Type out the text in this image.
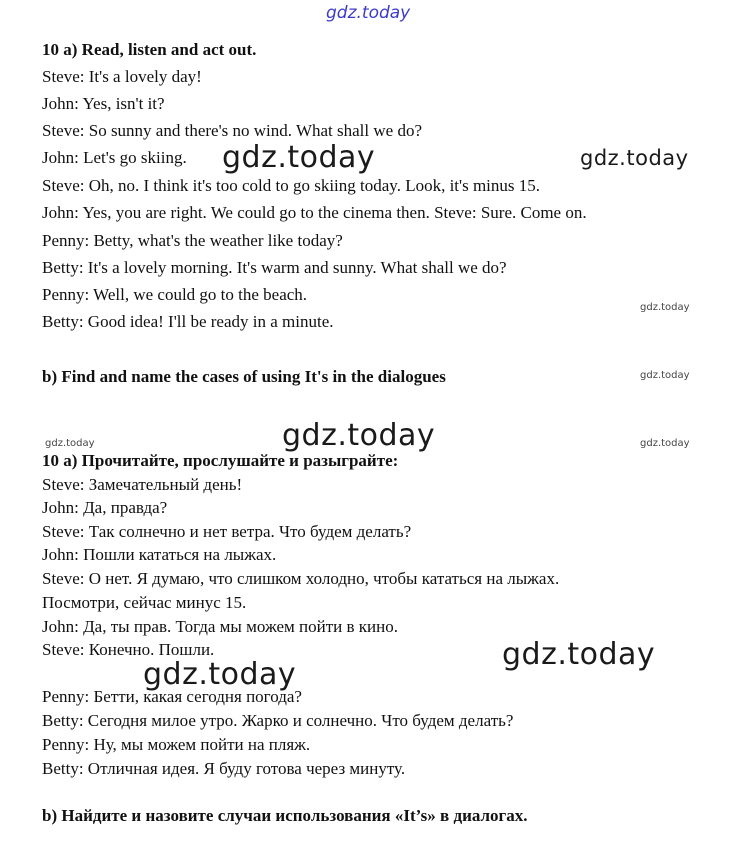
gdz.today
gdz.today	gdz.today
gdz.today
gdz.today
gdz.today	gdz.today	gdz.today
gdz.today
gdz.today
10 a) Read, listen and act out.
Steve: It's a lovely day!
John: Yes, isn't it?
Steve: So sunny and there's no wind. What shall we do?
John: Let's go skiing.
Steve: Oh, no. I think it's too cold to go skiing today. Look, it's minus 15.
John: Yes, you are right. We could go to the cinema then. Steve: Sure. Come on.
Penny: Betty, what's the weather like today?
Betty: It's a lovely morning. It's warm and sunny. What shall we do?
Penny: Well, we could go to the beach.
Betty: Good idea! I'll be ready in a minute.
b) Find and name the cases of using It's in the dialogues
10 а) Прочитайте, прослушайте и разыграйте:
Steve: Замечательный день!
John: Да, правда?
Steve: Так солнечно и нет ветра. Что будем делать?
John: Пошли кататься на лыжах.
Steve: О нет. Я думаю, что слишком холодно, чтобы кататься на лыжах.
Посмотри, сейчас минус 15.
John: Да, ты прав. Тогда мы можем пойти в кино.
Steve: Конечно. Пошли.
Penny: Бетти, какая сегодня погода?
Betty: Сегодня милое утро. Жарко и солнечно. Что будем делать?
Penny: Ну, мы можем пойти на пляж.
Betty: Отличная идея. Я буду готова через минуту.
b) Найдите и назовите случаи использования «It’s» в диалогах.
